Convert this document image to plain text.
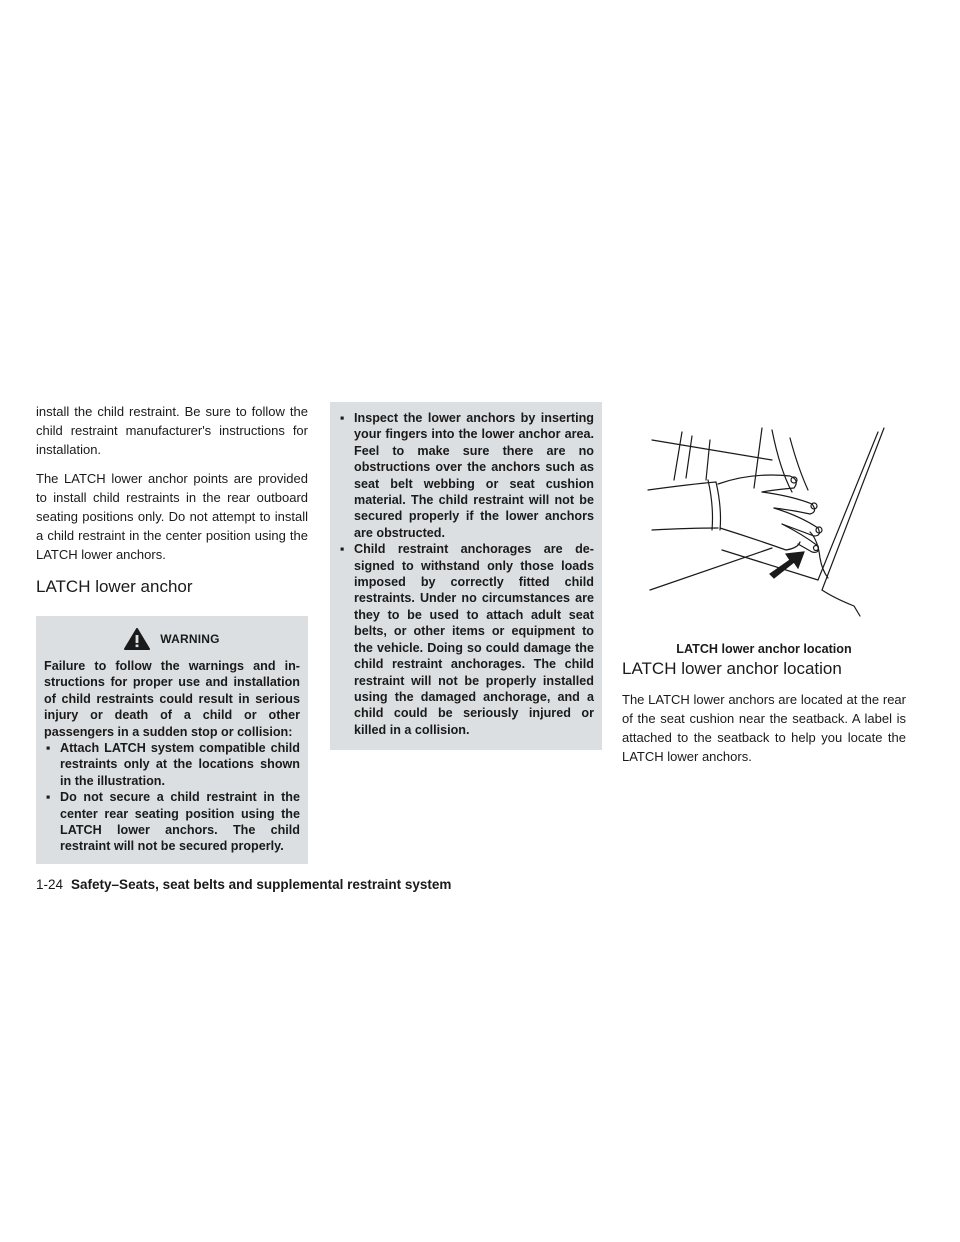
install the child restraint. Be sure to follow the child restraint manufacturer's instructions for installation.

The LATCH lower anchor points are provided to install child restraints in the rear outboard seating positions only. Do not attempt to install a child restraint in the center position using the LATCH lower anchors.

LATCH lower anchor
WARNING

Failure to follow the warnings and instructions for proper use and installation of child restraints could result in serious injury or death of a child or other passengers in a sudden stop or collision:

▪ Attach LATCH system compatible child restraints only at the locations shown in the illustration.
▪ Do not secure a child restraint in the center rear seating position using the LATCH lower anchors. The child restraint will not be secured properly.
▪ Inspect the lower anchors by inserting your fingers into the lower anchor area. Feel to make sure there are no obstructions over the anchors such as seat belt webbing or seat cushion material. The child restraint will not be secured properly if the lower anchors are obstructed.
▪ Child restraint anchorages are designed to withstand only those loads imposed by correctly fitted child restraints. Under no circumstances are they to be used to attach adult seat belts, or other items or equipment to the vehicle. Doing so could damage the child restraint anchorages. The child restraint will not be properly installed using the damaged anchorage, and a child could be seriously injured or killed in a collision.
LATCH lower anchor location
LATCH lower anchor location

The LATCH lower anchors are located at the rear of the seat cushion near the seatback. A label is attached to the seatback to help you locate the LATCH lower anchors.

1-24 Safety–Seats, seat belts and supplemental restraint system
